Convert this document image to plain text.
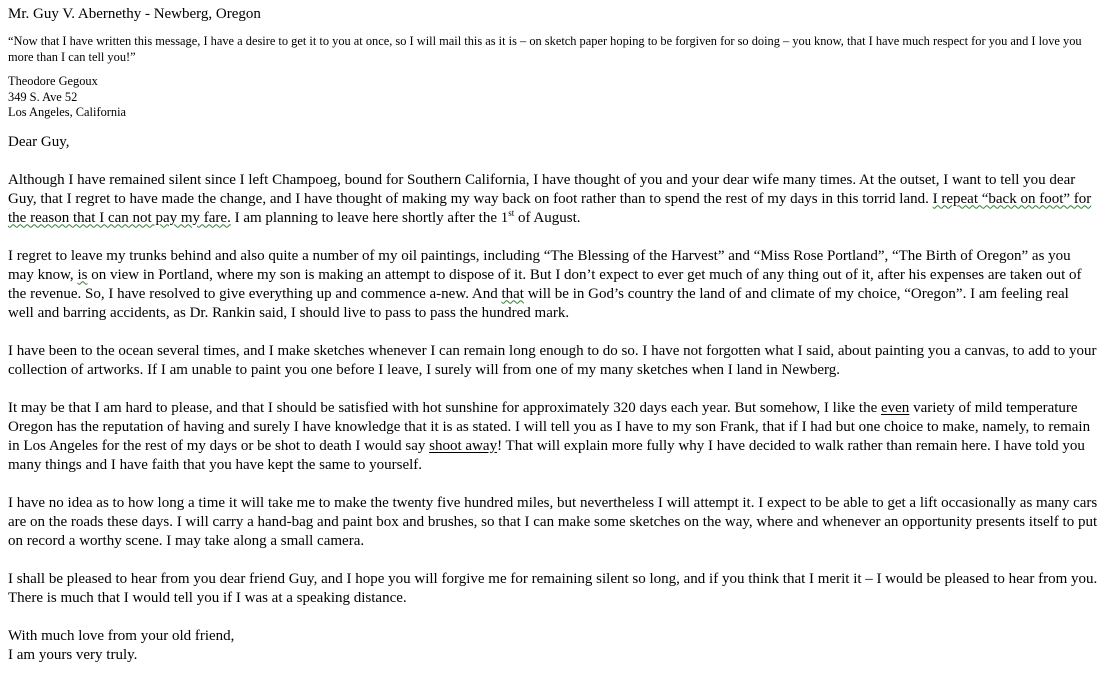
Mr. Guy V. Abernethy - Newberg, Oregon
“Now that I have written this message, I have a desire to get it to you at once, so I will mail this as it is – on sketch paper hoping to be forgiven for so doing – you know, that I have much respect for you and I love you more than I can tell you!”
Theodore Gegoux
349 S. Ave 52
Los Angeles, California

Dear Guy,

Although I have remained silent since I left Champoeg, bound for Southern California, I have thought of you and your dear wife many times. At the outset, I want to tell you dear Guy, that I regret to have made the change, and I have thought of making my way back on foot rather than to spend the rest of my days in this torrid land. I repeat “back on foot” for the reason that I can not pay my fare. I am planning to leave here shortly after the 1st of August.

I regret to leave my trunks behind and also quite a number of my oil paintings, including “The Blessing of the Harvest” and “Miss Rose Portland”, “The Birth of Oregon” as you may know, is on view in Portland, where my son is making an attempt to dispose of it. But I don’t expect to ever get much of any thing out of it, after his expenses are taken out of the revenue. So, I have resolved to give everything up and commence a-new. And that will be in God’s country the land of and climate of my choice, “Oregon”. I am feeling real well and barring accidents, as Dr. Rankin said, I should live to pass to pass the hundred mark.

I have been to the ocean several times, and I make sketches whenever I can remain long enough to do so. I have not forgotten what I said, about painting you a canvas, to add to your collection of artworks. If I am unable to paint you one before I leave, I surely will from one of my many sketches when I land in Newberg.

It may be that I am hard to please, and that I should be satisfied with hot sunshine for approximately 320 days each year. But somehow, I like the even variety of mild temperature Oregon has the reputation of having and surely I have knowledge that it is as stated. I will tell you as I have to my son Frank, that if I had but one choice to make, namely, to remain in Los Angeles for the rest of my days or be shot to death I would say shoot away! That will explain more fully why I have decided to walk rather than remain here. I have told you many things and I have faith that you have kept the same to yourself.

I have no idea as to how long a time it will take me to make the twenty five hundred miles, but nevertheless I will attempt it. I expect to be able to get a lift occasionally as many cars are on the roads these days. I will carry a hand-bag and paint box and brushes, so that I can make some sketches on the way, where and whenever an opportunity presents itself to put on record a worthy scene. I may take along a small camera.

I shall be pleased to hear from you dear friend Guy, and I hope you will forgive me for remaining silent so long, and if you think that I merit it – I would be pleased to hear from you. There is much that I would tell you if I was at a speaking distance.

With much love from your old friend,

I am yours very truly.
